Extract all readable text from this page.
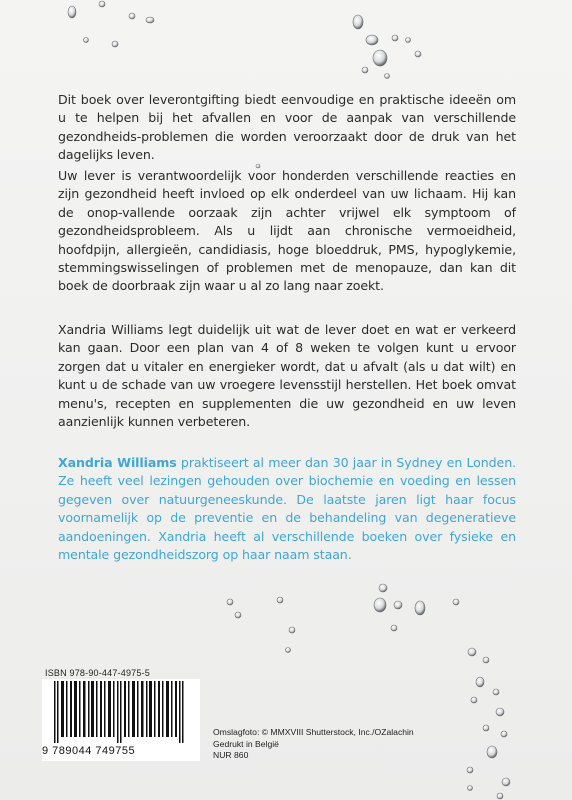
Dit boek over leverontgifting biedt eenvoudige en praktische ideeën om u te helpen bij het afvallen en voor de aanpak van verschillende gezondheids-problemen die worden veroorzaakt door de druk van het dagelijks leven.

Uw lever is verantwoordelijk voor honderden verschillende reacties en zijn gezondheid heeft invloed op elk onderdeel van uw lichaam. Hij kan de onop-vallende oorzaak zijn achter vrijwel elk symptoom of gezondheidsprobleem. Als u lijdt aan chronische vermoeidheid, hoofdpijn, allergieën, candidiasis, hoge bloeddruk, PMS, hypoglykemie, stemmingswisselingen of problemen met de menopauze, dan kan dit boek de doorbraak zijn waar u al zo lang naar zoekt.

Xandria Williams legt duidelijk uit wat de lever doet en wat er verkeerd kan gaan. Door een plan van 4 of 8 weken te volgen kunt u ervoor zorgen dat u vitaler en energieker wordt, dat u afvalt (als u dat wilt) en kunt u de schade van uw vroegere levensstijl herstellen. Het boek omvat menu's, recepten en supplementen die uw gezondheid en uw leven aanzienlijk kunnen verbeteren.

Xandria Williams praktiseert al meer dan 30 jaar in Sydney en Londen. Ze heeft veel lezingen gehouden over biochemie en voeding en lessen gegeven over natuurgeneeskunde. De laatste jaren ligt haar focus voornamelijk op de preventie en de behandeling van degeneratieve aandoeningen. Xandria heeft al verschillende boeken over fysieke en mentale gezondheidszorg op haar naam staan.

ISBN 978-90-447-4975-5
9 789044 749755
Omslagfoto: © MMXVIII Shutterstock, Inc./OZalachin
Gedrukt in België
NUR 860
